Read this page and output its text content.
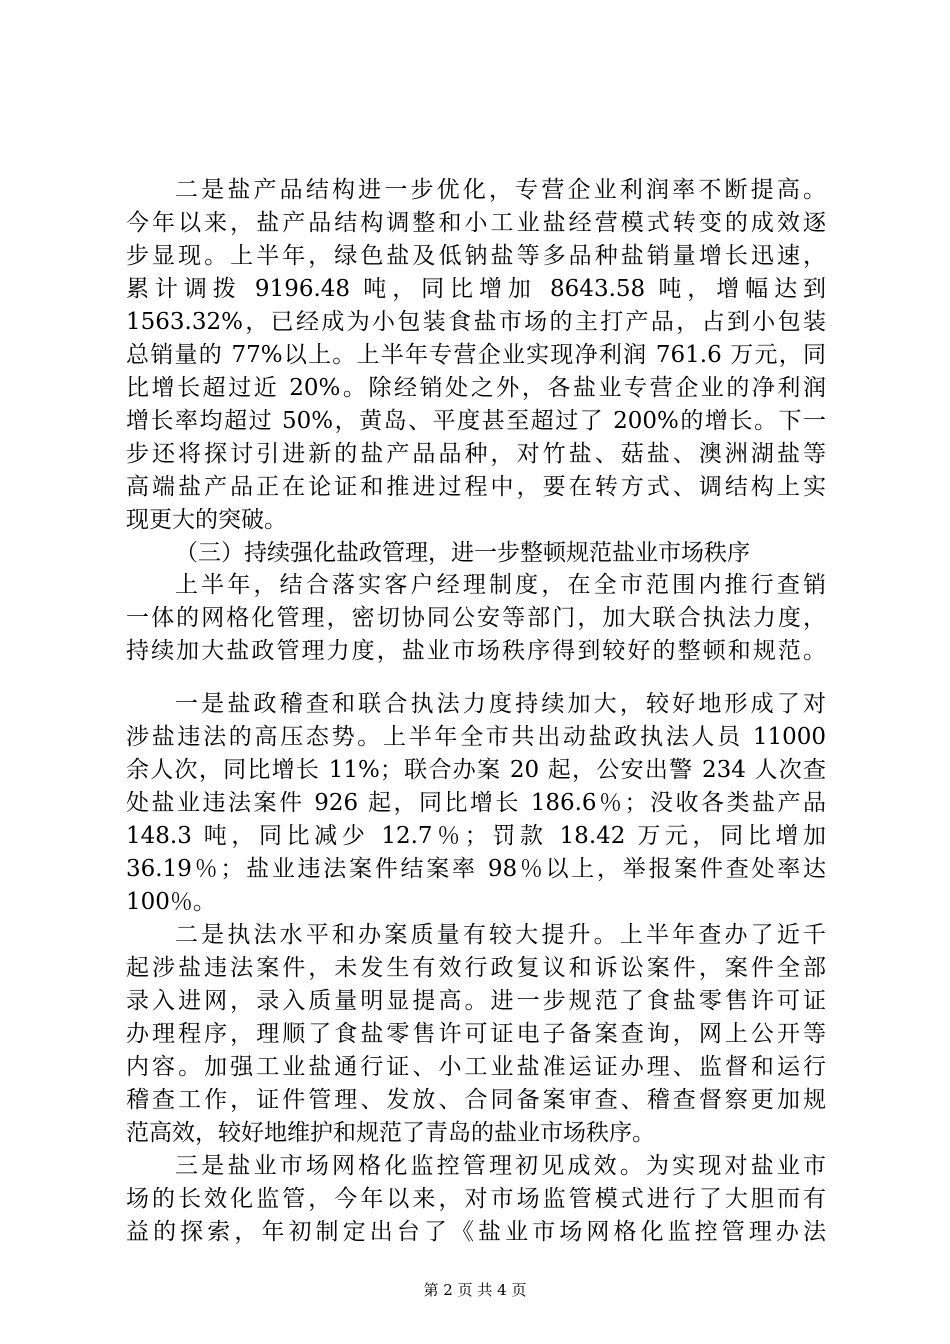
二是盐产品结构进一步优化，专营企业利润率不断提高。
今年以来，盐产品结构调整和小工业盐经营模式转变的成效逐
步显现。上半年，绿色盐及低钠盐等多品种盐销量增长迅速，
累计调拨 9196.48 吨，同比增加 8643.58 吨，增幅达到
1563.32%，已经成为小包装食盐市场的主打产品，占到小包装
总销量的 77%以上。上半年专营企业实现净利润 761.6 万元，同
比增长超过近 20%。除经销处之外，各盐业专营企业的净利润
增长率均超过 50%，黄岛、平度甚至超过了 200%的增长。下一
步还将探讨引进新的盐产品品种，对竹盐、菇盐、澳洲湖盐等
高端盐产品正在论证和推进过程中，要在转方式、调结构上实
现更大的突破。
（三）持续强化盐政管理，进一步整顿规范盐业市场秩序
上半年，结合落实客户经理制度，在全市范围内推行查销
一体的网格化管理，密切协同公安等部门，加大联合执法力度，
持续加大盐政管理力度，盐业市场秩序得到较好的整顿和规范。
一是盐政稽查和联合执法力度持续加大，较好地形成了对
涉盐违法的高压态势。上半年全市共出动盐政执法人员 11000
余人次，同比增长 11%；联合办案 20 起，公安出警 234 人次查
处盐业违法案件 926 起，同比增长 186.6％；没收各类盐产品
148.3 吨，同比减少 12.7％；罚款 18.42 万元，同比增加
36.19％；盐业违法案件结案率 98％以上，举报案件查处率达
100％。
二是执法水平和办案质量有较大提升。上半年查办了近千
起涉盐违法案件，未发生有效行政复议和诉讼案件，案件全部
录入进网，录入质量明显提高。进一步规范了食盐零售许可证
办理程序，理顺了食盐零售许可证电子备案查询，网上公开等
内容。加强工业盐通行证、小工业盐准运证办理、监督和运行
稽查工作，证件管理、发放、合同备案审查、稽查督察更加规
范高效，较好地维护和规范了青岛的盐业市场秩序。
三是盐业市场网格化监控管理初见成效。为实现对盐业市
场的长效化监管，今年以来，对市场监管模式进行了大胆而有
益的探索，年初制定出台了《盐业市场网格化监控管理办法
第 2 页 共 4 页
